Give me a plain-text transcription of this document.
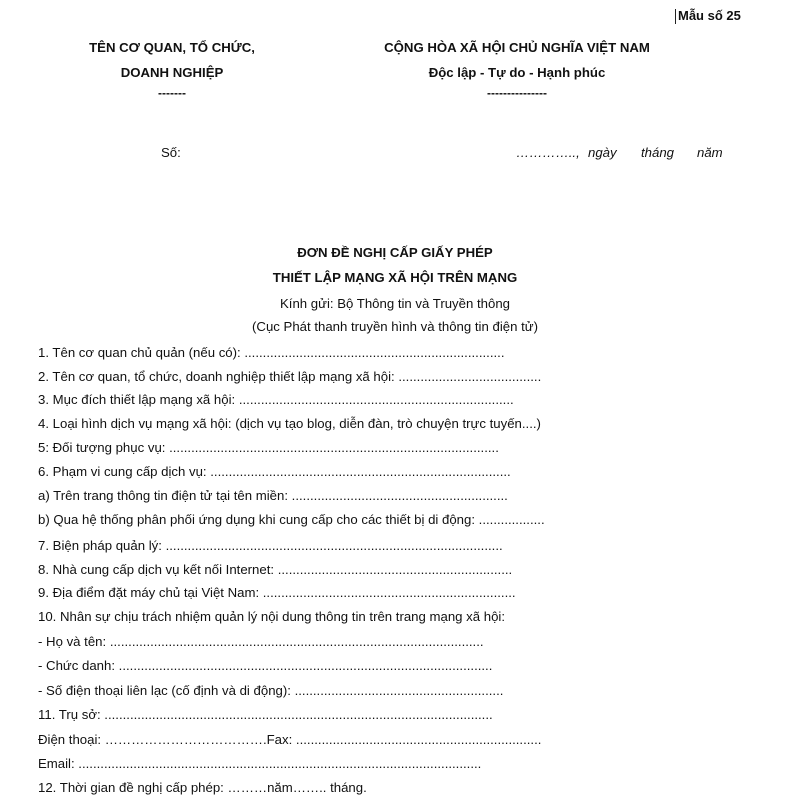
Mẫu số 25
TÊN CƠ QUAN, TỔ CHỨC,
DOANH NGHIỆP
-------
CỘNG HÒA XÃ HỘI CHỦ NGHĨA VIỆT NAM
Độc lập - Tự do - Hạnh phúc
---------------
Số:	………….., ngày tháng năm
ĐƠN ĐỀ NGHỊ CẤP GIẤY PHÉP
THIẾT LẬP MẠNG XÃ HỘI TRÊN MẠNG
Kính gửi: Bộ Thông tin và Truyền thông
(Cục Phát thanh truyền hình và thông tin điện tử)
1. Tên cơ quan chủ quản (nếu có): .......................................................................
2. Tên cơ quan, tổ chức, doanh nghiệp thiết lập mạng xã hội: .......................................
3. Mục đích thiết lập mạng xã hội: ...........................................................................
4. Loại hình dịch vụ mạng xã hội: (dịch vụ tạo blog, diễn đàn, trò chuyện trực tuyến....)
5: Đối tượng phục vụ: ..........................................................................................
6. Phạm vi cung cấp dịch vụ: ..................................................................................
a) Trên trang thông tin điện tử tại tên miền: ...........................................................
b) Qua hệ thống phân phối ứng dụng khi cung cấp cho các thiết bị di động: ..................
7. Biện pháp quản lý: ............................................................................................
8. Nhà cung cấp dịch vụ kết nối Internet: ................................................................
9. Địa điểm đặt máy chủ tại Việt Nam: .....................................................................
10. Nhân sự chịu trách nhiệm quản lý nội dung thông tin trên trang mạng xã hội:
- Họ và tên: ......................................................................................................
- Chức danh: ......................................................................................................
- Số điện thoại liên lạc (cố định và di động): .........................................................
11. Trụ sở: ..........................................................................................................
Điện thoại: ……………………………….Fax: ...................................................................
Email: ..............................................................................................................
12. Thời gian đề nghị cấp phép: ………năm…….. tháng.
